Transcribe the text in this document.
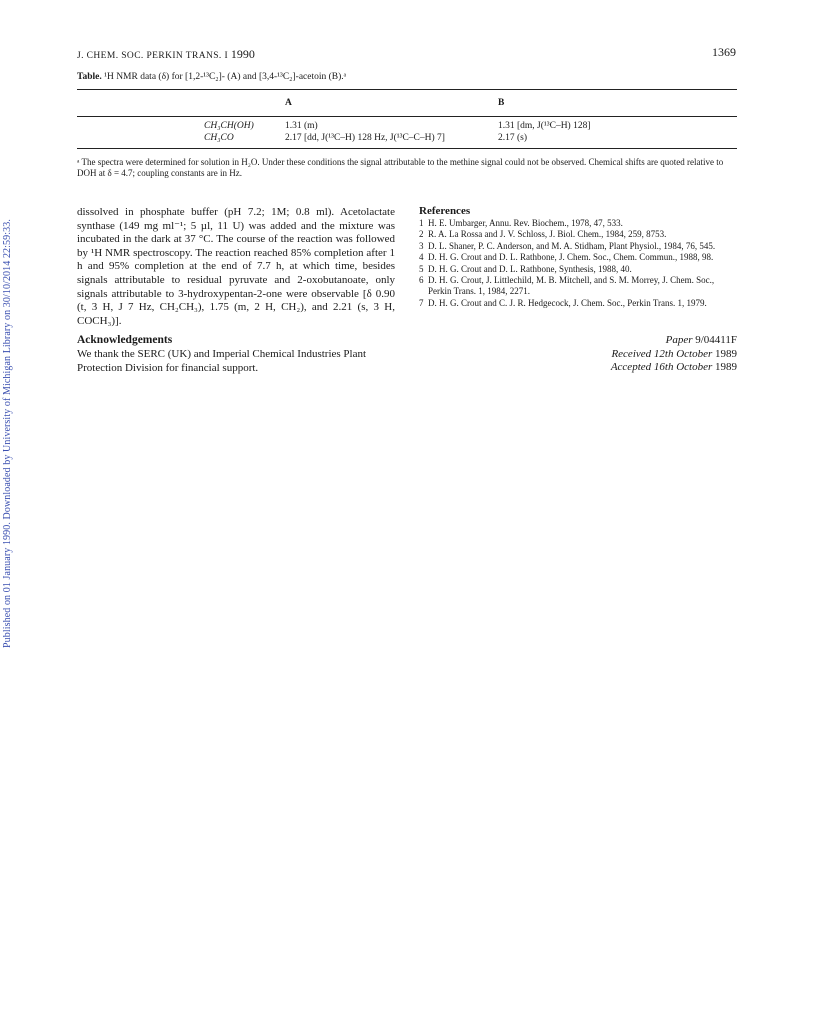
Published on 01 January 1990. Downloaded by University of Michigan Library on 30/10/2014 22:59:33.
J. CHEM. SOC. PERKIN TRANS. I 1990	1369
Table. ¹H NMR data (δ) for [1,2-¹³C₂]- (A) and [3,4-¹³C₂]-acetoin (B).ᵃ
A	B
CH₃CH(OH)	1.31 (m)	1.31 [dm, J(¹³C–H) 128]
CH₃CO	2.17 [dd, J(¹³C–H) 128 Hz, J(¹³C–C–H) 7]	2.17 (s)
ᵃ The spectra were determined for solution in H₂O. Under these conditions the signal attributable to the methine signal could not be observed. Chemical shifts are quoted relative to DOH at δ = 4.7; coupling constants are in Hz.
dissolved in phosphate buffer (pH 7.2; 1M; 0.8 ml). Acetolactate synthase (149 mg ml⁻¹; 5 µl, 11 U) was added and the mixture was incubated in the dark at 37 °C. The course of the reaction was followed by ¹H NMR spectroscopy. The reaction reached 85% completion after 1 h and 95% completion at the end of 7.7 h, at which time, besides signals attributable to residual pyruvate and 2-oxobutanoate, only signals attributable to 3-hydroxypentan-2-one were observable [δ 0.90 (t, 3 H, J 7 Hz, CH₂CH₃), 1.75 (m, 2 H, CH₂), and 2.21 (s, 3 H, COCH₃)].
Acknowledgements
We thank the SERC (UK) and Imperial Chemical Industries Plant Protection Division for financial support.
References
1 H. E. Umbarger, Annu. Rev. Biochem., 1978, 47, 533.
2 R. A. La Rossa and J. V. Schloss, J. Biol. Chem., 1984, 259, 8753.
3 D. L. Shaner, P. C. Anderson, and M. A. Stidham, Plant Physiol., 1984, 76, 545.
4 D. H. G. Crout and D. L. Rathbone, J. Chem. Soc., Chem. Commun., 1988, 98.
5 D. H. G. Crout and D. L. Rathbone, Synthesis, 1988, 40.
6 D. H. G. Crout, J. Littlechild, M. B. Mitchell, and S. M. Morrey, J. Chem. Soc., Perkin Trans. 1, 1984, 2271.
7 D. H. G. Crout and C. J. R. Hedgecock, J. Chem. Soc., Perkin Trans. 1, 1979.
Paper 9/04411F
Received 12th October 1989
Accepted 16th October 1989
